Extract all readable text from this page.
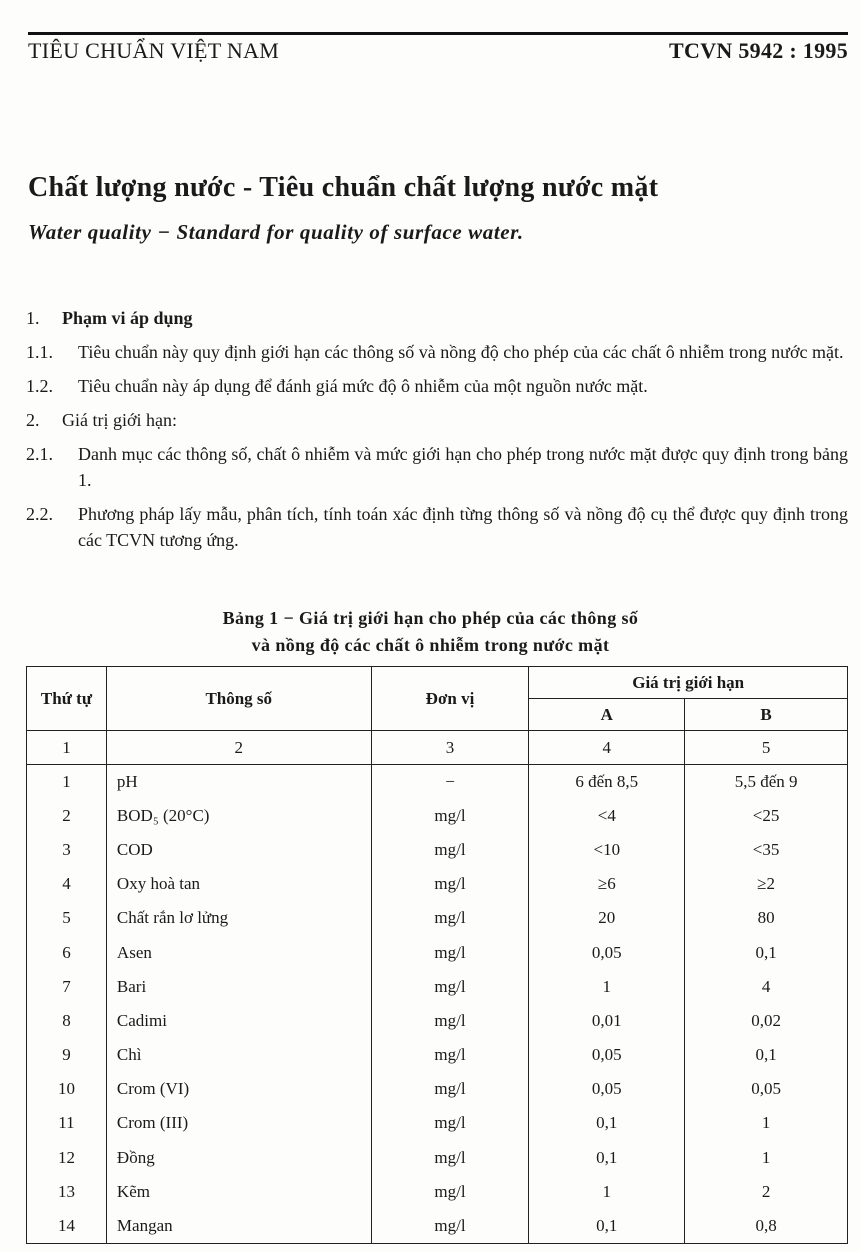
TIÊU CHUẨN VIỆT NAM	TCVN 5942 : 1995
Chất lượng nước - Tiêu chuẩn chất lượng nước mặt
Water quality − Standard for quality of surface water.
1. Phạm vi áp dụng
1.1. Tiêu chuẩn này quy định giới hạn các thông số và nồng độ cho phép của các chất ô nhiễm trong nước mặt.
1.2. Tiêu chuẩn này áp dụng để đánh giá mức độ ô nhiễm của một nguồn nước mặt.
2. Giá trị giới hạn:
2.1. Danh mục các thông số, chất ô nhiễm và mức giới hạn cho phép trong nước mặt được quy định trong bảng 1.
2.2. Phương pháp lấy mẫu, phân tích, tính toán xác định từng thông số và nồng độ cụ thể được quy định trong các TCVN tương ứng.
Bảng 1 − Giá trị giới hạn cho phép của các thông số
và nồng độ các chất ô nhiễm trong nước mặt
Thứ tự	Thông số	Đơn vị	Giá trị giới hạn	
			A	B
1	2	3	4	5
1	pH	−	6 đến 8,5	5,5 đến 9
2	BOD₅ (20°C)	mg/l	<4	<25
3	COD	mg/l	<10	<35
4	Oxy hoà tan	mg/l	≥6	≥2
5	Chất rắn lơ lửng	mg/l	20	80
6	Asen	mg/l	0,05	0,1
7	Bari	mg/l	1	4
8	Cadimi	mg/l	0,01	0,02
9	Chì	mg/l	0,05	0,1
10	Crom (VI)	mg/l	0,05	0,05
11	Crom (III)	mg/l	0,1	1
12	Đồng	mg/l	0,1	1
13	Kẽm	mg/l	1	2
14	Mangan	mg/l	0,1	0,8
